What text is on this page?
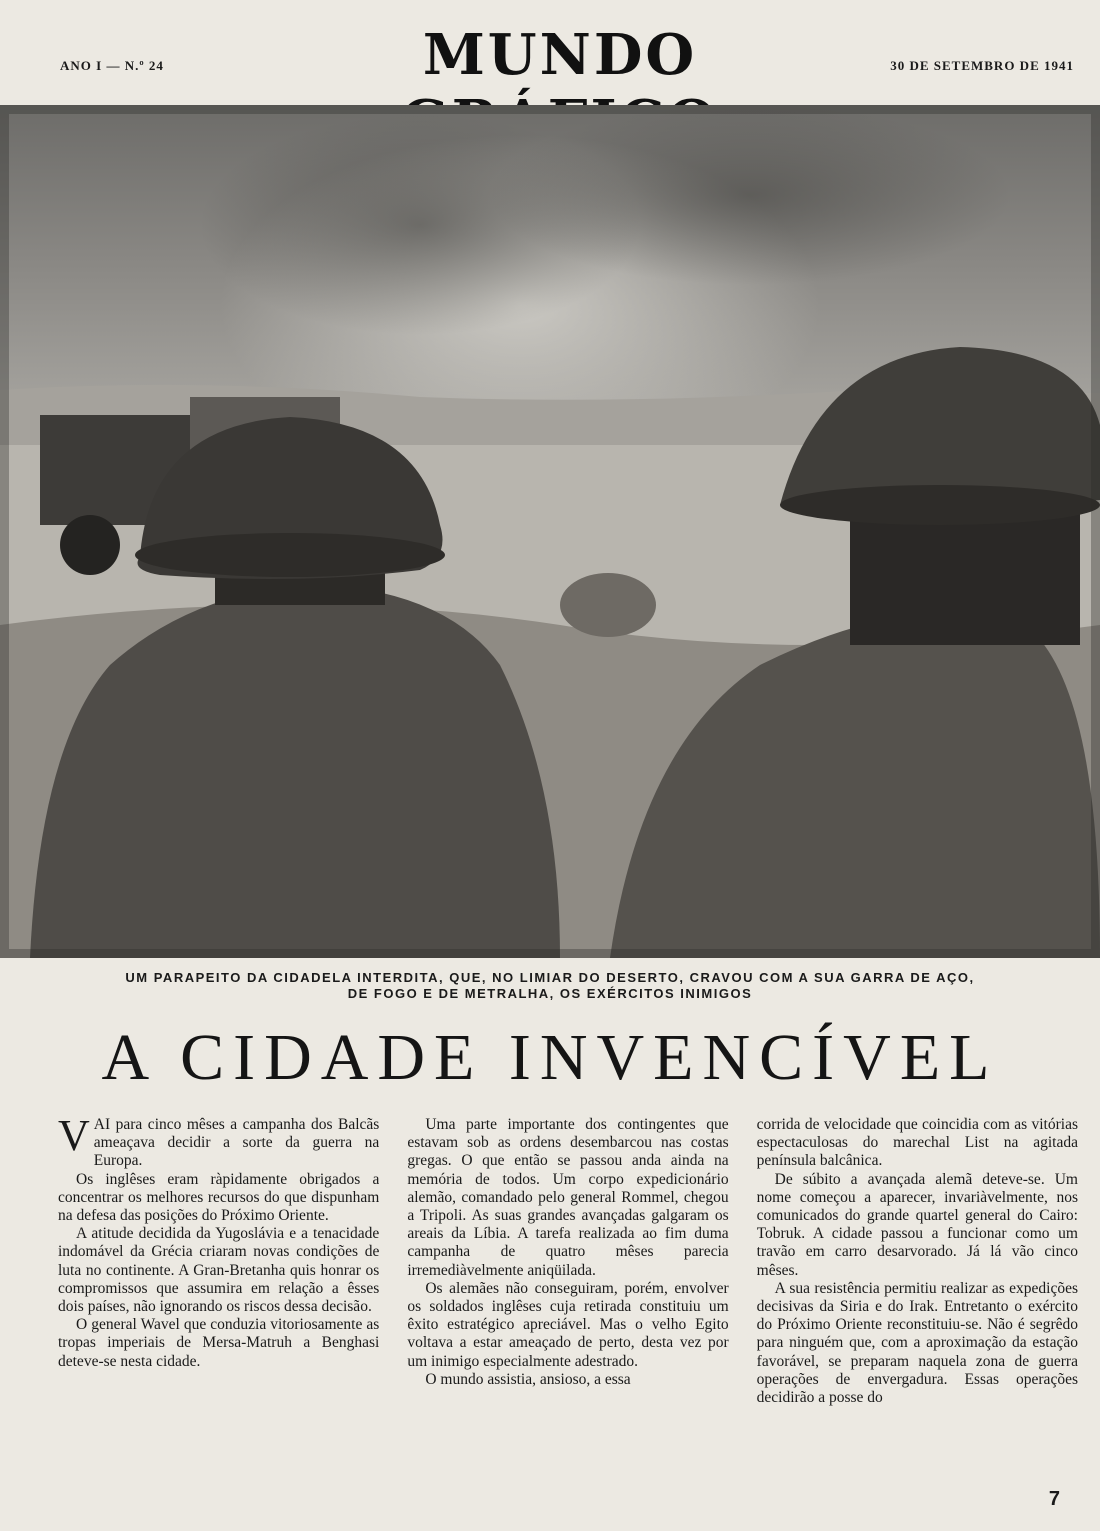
ANO I — N.º 24	MUNDO	30 DE SETEMBRO DE 1941
UM PARAPEITO DA CIDADELA INTERDITA, QUE, NO LIMIAR DO DESERTO, CRAVOU COM A SUA GARRA DE AÇO,
DE FOGO E DE METRALHA, OS EXÉRCITOS INIMIGOS
A CIDADE INVENCÍVEL

VAI para cinco mêses a campanha dos Balcãs ameaçava decidir a sorte da guerra na Europa.

Os inglêses eram ràpidamente obrigados a concentrar os melhores recursos do que dispunham na defesa das posições do Próximo Oriente.

A atitude decidida da Yugoslávia e a tenacidade indomável da Grécia criaram novas condições de luta no continente. A Gran-Bretanha quis honrar os compromissos que assumira em relação a êsses dois países, não ignorando os riscos dessa decisão.

O general Wavel que conduzia vitoriosamente as tropas imperiais de Mersa-Matruh a Benghasi deteve-se nesta cidade.

Uma parte importante dos contingentes que estavam sob as ordens desembarcou nas costas gregas. O que então se passou anda ainda na memória de todos. Um corpo expedicionário alemão, comandado pelo general Rommel, chegou a Tripoli. As suas grandes avançadas galgaram os areais da Líbia. A tarefa realizada ao fim duma campanha de quatro mêses parecia irremediàvelmente aniqüilada.

Os alemães não conseguiram, porém, envolver os soldados inglêses cuja retirada constituiu um êxito estratégico apreciável. Mas o velho Egito voltava a estar ameaçado de perto, desta vez por um inimigo especialmente adestrado.

O mundo assistia, ansioso, a essa

corrida de velocidade que coincidia com as vitórias espectaculosas do marechal List na agitada península balcânica.

De súbito a avançada alemã deteve-se. Um nome começou a aparecer, invariàvelmente, nos comunicados do grande quartel general do Cairo: Tobruk. A cidade passou a funcionar como um travão em carro desarvorado. Já lá vão cinco mêses.

A sua resistência permitiu realizar as expedições decisivas da Siria e do Irak. Entretanto o exército do Próximo Oriente reconstituiu-se. Não é segrêdo para ninguém que, com a aproximação da estação favorável, se preparam naquela zona de guerra operações de envergadura. Essas operações decidirão a posse do

7
